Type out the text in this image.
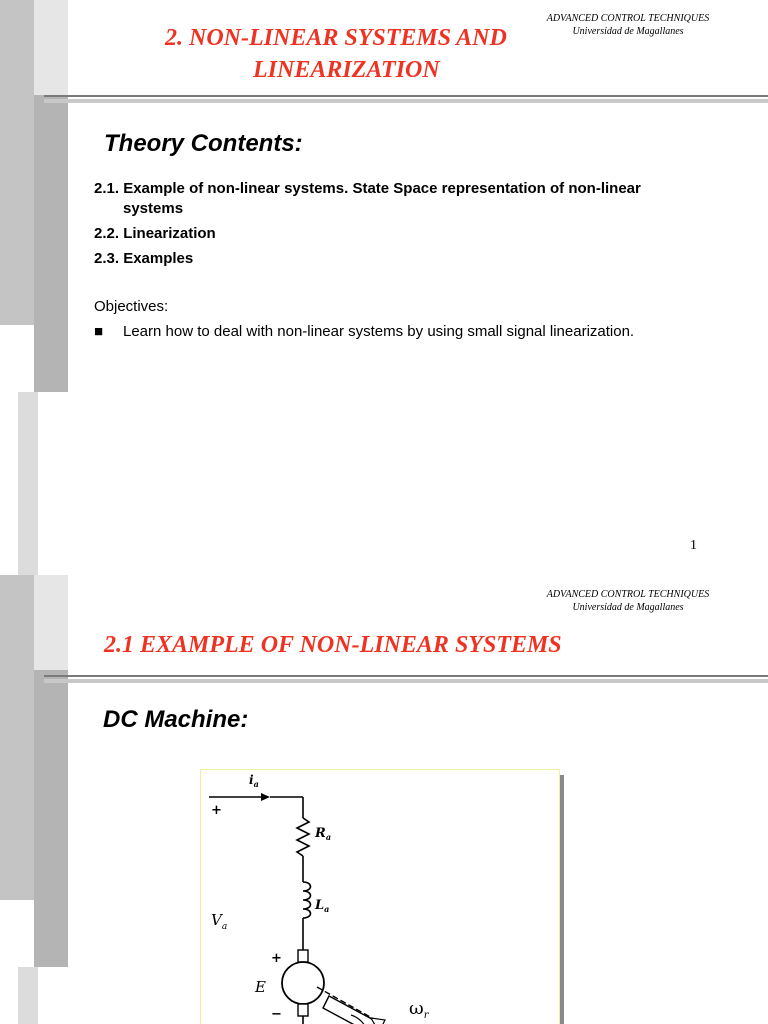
ADVANCED CONTROL TECHNIQUES
Universidad de Magallanes
2. NON-LINEAR SYSTEMS AND
LINEARIZATION
Theory Contents:
2.1. Example of non-linear systems. State Space representation of non-linear
systems
2.2. Linearization
2.3. Examples
Objectives:
■ Learn how to deal with non-linear systems by using small signal linearization.
1
ADVANCED CONTROL TECHNIQUES
Universidad de Magallanes
2.1 EXAMPLE OF NON-LINEAR SYSTEMS
DC Machine:
$i_a$
+
$R_a$
$L_a$
$V_a$
+
E
−	$\omega_r$
